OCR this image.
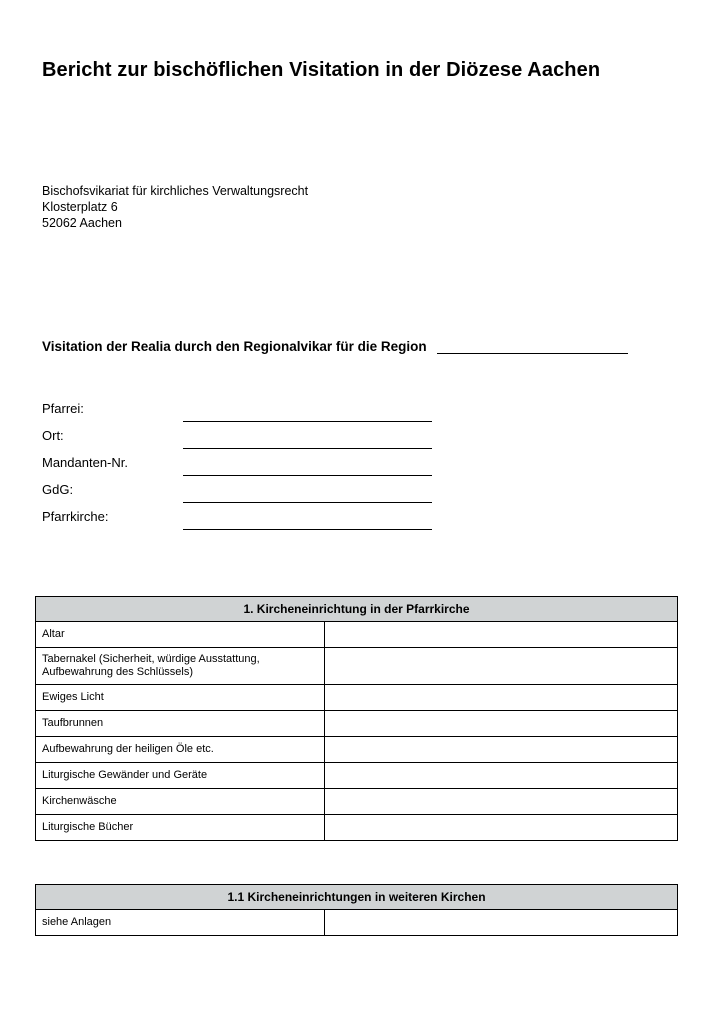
Bericht zur bischöflichen Visitation in der Diözese Aachen
Bischofsvikariat für kirchliches Verwaltungsrecht
Klosterplatz 6
52062 Aachen
Visitation der Realia durch den Regionalvikar für die Region
Pfarrei:
Ort:
Mandanten-Nr.
GdG:
Pfarrkirche:
1. Kircheneinrichtung in der Pfarrkirche	
Altar	
Tabernakel (Sicherheit, würdige Ausstattung, Aufbewahrung des Schlüssels)	
Ewiges Licht	
Taufbrunnen	
Aufbewahrung der heiligen Öle etc.	
Liturgische Gewänder und Geräte	
Kirchenwäsche	
Liturgische Bücher	
1.1 Kircheneinrichtungen in weiteren Kirchen
siehe Anlagen	
